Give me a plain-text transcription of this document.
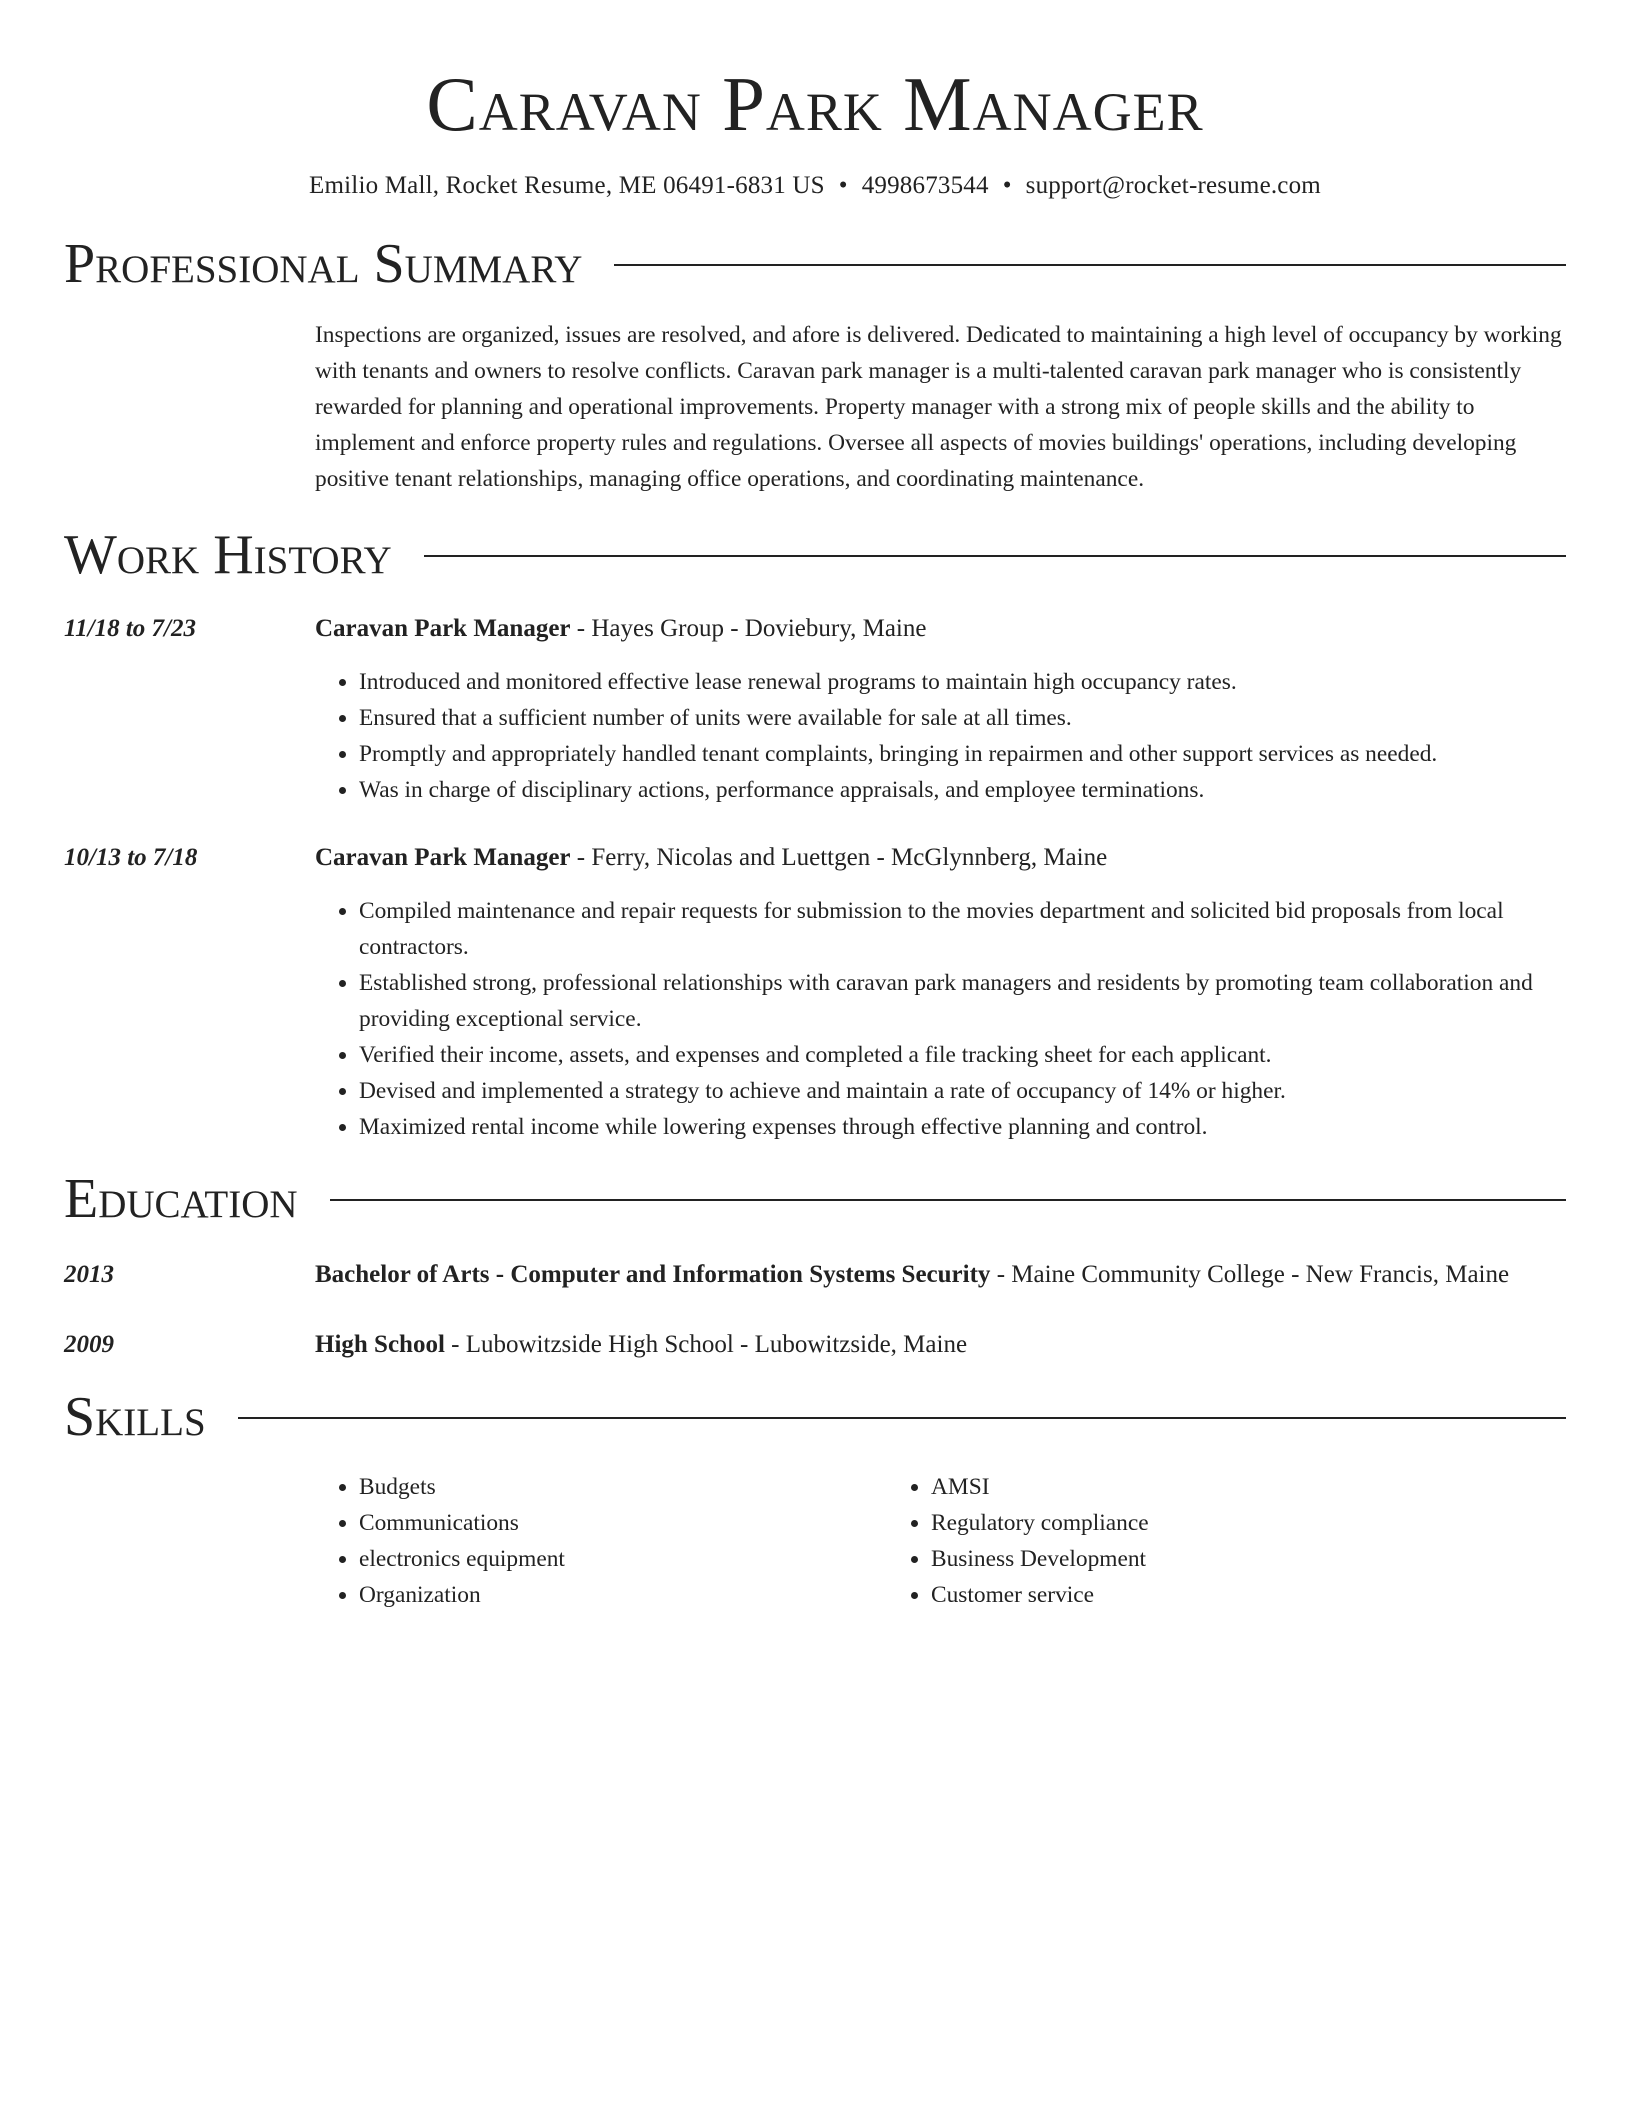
Caravan Park Manager
Emilio Mall, Rocket Resume, ME 06491-6831 US • 4998673544 • support@rocket-resume.com
Professional Summary
Inspections are organized, issues are resolved, and afore is delivered. Dedicated to maintaining a high level of occupancy by working with tenants and owners to resolve conflicts. Caravan park manager is a multi-talented caravan park manager who is consistently rewarded for planning and operational improvements. Property manager with a strong mix of people skills and the ability to implement and enforce property rules and regulations. Oversee all aspects of movies buildings' operations, including developing positive tenant relationships, managing office operations, and coordinating maintenance.
Work History
11/18 to 7/23	Caravan Park Manager - Hayes Group - Doviebury, Maine
• Introduced and monitored effective lease renewal programs to maintain high occupancy rates.
• Ensured that a sufficient number of units were available for sale at all times.
• Promptly and appropriately handled tenant complaints, bringing in repairmen and other support services as needed.
• Was in charge of disciplinary actions, performance appraisals, and employee terminations.
10/13 to 7/18	Caravan Park Manager - Ferry, Nicolas and Luettgen - McGlynnberg, Maine
• Compiled maintenance and repair requests for submission to the movies department and solicited bid proposals from local contractors.
• Established strong, professional relationships with caravan park managers and residents by promoting team collaboration and providing exceptional service.
• Verified their income, assets, and expenses and completed a file tracking sheet for each applicant.
• Devised and implemented a strategy to achieve and maintain a rate of occupancy of 14% or higher.
• Maximized rental income while lowering expenses through effective planning and control.
Education
2013	Bachelor of Arts - Computer and Information Systems Security - Maine Community College - New Francis, Maine
2009	High School - Lubowitzside High School - Lubowitzside, Maine
Skills
• Budgets
• Communications
• electronics equipment
• Organization
• AMSI
• Regulatory compliance
• Business Development
• Customer service
